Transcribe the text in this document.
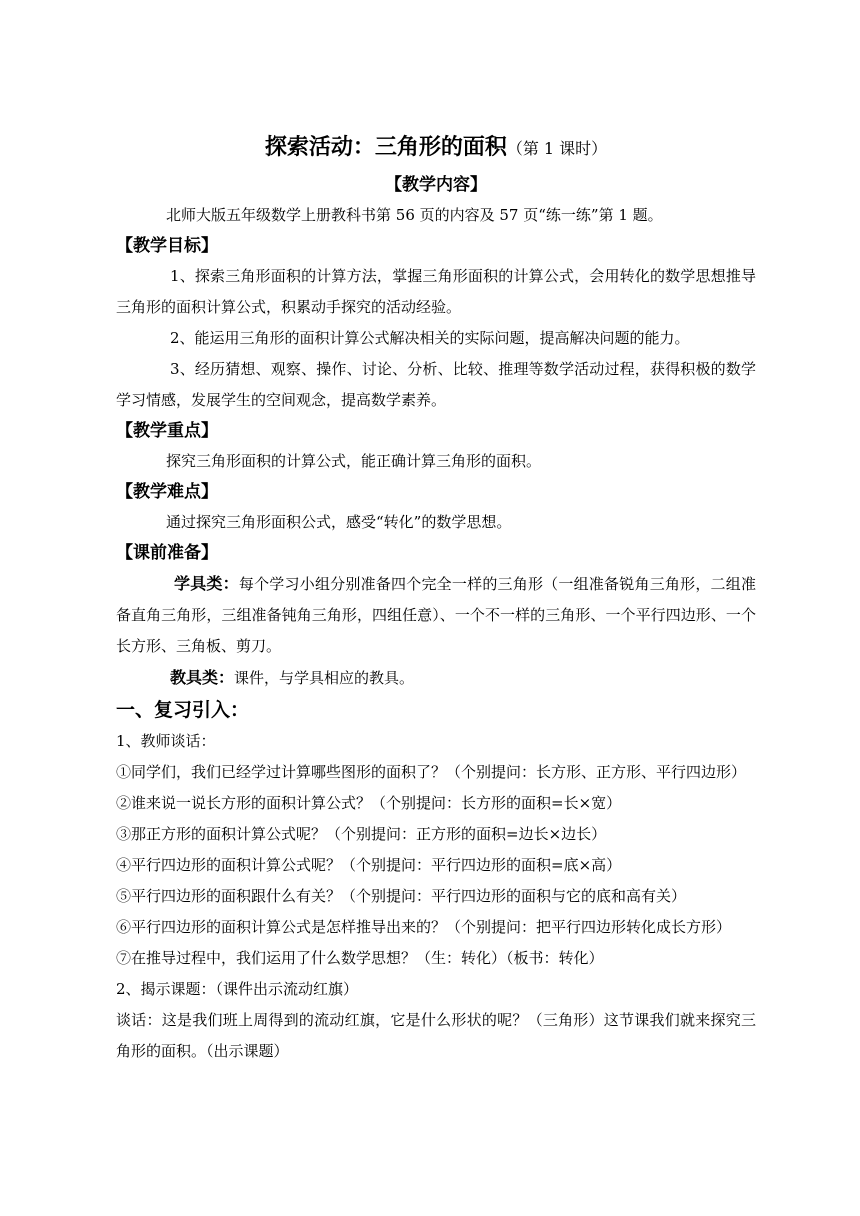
探索活动：三角形的面积（第 1 课时）
【教学内容】

北师大版五年级数学上册教科书第 56 页的内容及 57 页“练一练”第 1 题。

【教学目标】

1、探索三角形面积的计算方法，掌握三角形面积的计算公式，会用转化的数学思想推导三角形的面积计算公式，积累动手探究的活动经验。

2、能运用三角形的面积计算公式解决相关的实际问题，提高解决问题的能力。

3、经历猜想、观察、操作、讨论、分析、比较、推理等数学活动过程，获得积极的数学学习情感，发展学生的空间观念，提高数学素养。

【教学重点】

探究三角形面积的计算公式，能正确计算三角形的面积。

【教学难点】

通过探究三角形面积公式，感受“转化”的数学思想。

【课前准备】

学具类：每个学习小组分别准备四个完全一样的三角形（一组准备锐角三角形，二组准备直角三角形，三组准备钝角三角形，四组任意）、一个不一样的三角形、一个平行四边形、一个长方形、三角板、剪刀。

教具类：课件，与学具相应的教具。

一、复习引入：

1、教师谈话：

①同学们，我们已经学过计算哪些图形的面积了？（个别提问：长方形、正方形、平行四边形）

②谁来说一说长方形的面积计算公式？（个别提问：长方形的面积=长×宽）

③那正方形的面积计算公式呢？（个别提问：正方形的面积=边长×边长）

④平行四边形的面积计算公式呢？（个别提问：平行四边形的面积=底×高）

⑤平行四边形的面积跟什么有关？（个别提问：平行四边形的面积与它的底和高有关）

⑥平行四边形的面积计算公式是怎样推导出来的？（个别提问：把平行四边形转化成长方形）

⑦在推导过程中，我们运用了什么数学思想？（生：转化）（板书：转化）

2、揭示课题：（课件出示流动红旗）

谈话：这是我们班上周得到的流动红旗，它是什么形状的呢？（三角形）这节课我们就来探究三角形的面积。（出示课题）
